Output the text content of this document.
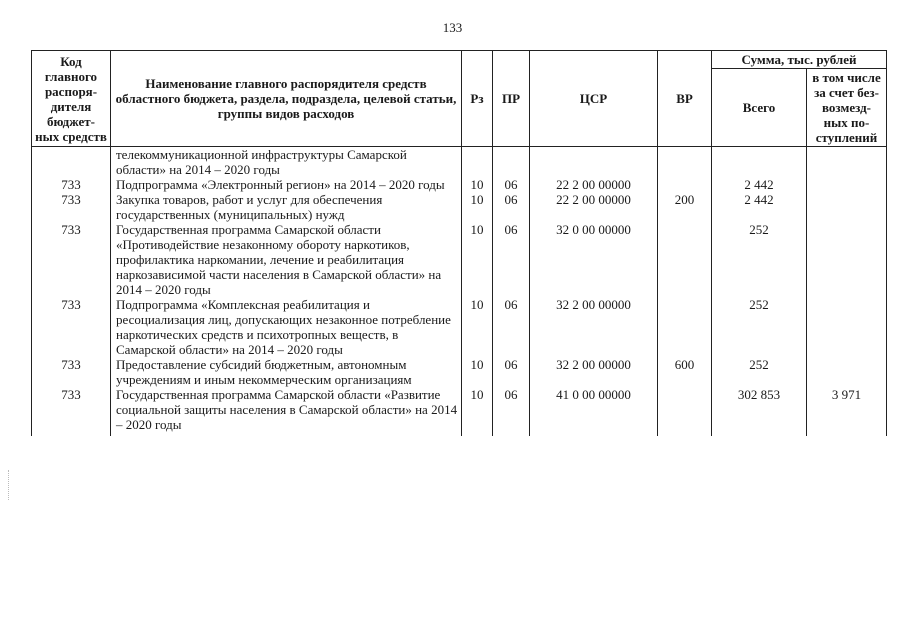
133
Код главного распоря-дителя бюджет-ных средств	Наименование главного распорядителя средств областного бюджета, раздела, подраздела, целевой статьи, группы видов расходов	Рз	ПР	ЦСР	ВР	Сумма, тыс. рублей	
						Всего	в том числе за счет без-возмезд-ных по-ступлений
	телекоммуникационной инфраструктуры Самарской области» на 2014 – 2020 годы						
733	Подпрограмма «Электронный регион» на 2014 – 2020 годы	10	06	22 2 00 00000		2 442	
733	Закупка товаров, работ и услуг для обеспечения государственных (муниципальных) нужд	10	06	22 2 00 00000	200	2 442	
733	Государственная программа Самарской области «Противодействие незаконному обороту наркотиков, профилактика наркомании, лечение и реабилитация наркозависимой части населения в Самарской области» на 2014 – 2020 годы	10	06	32 0 00 00000		252	
733	Подпрограмма «Комплексная реабилитация и ресоциализация лиц, допускающих незаконное потребление наркотических средств и психотропных веществ, в Самарской области» на 2014 – 2020 годы	10	06	32 2 00 00000		252	
733	Предоставление субсидий бюджетным, автономным учреждениям и иным некоммерческим организациям	10	06	32 2 00 00000	600	252	
733	Государственная программа Самарской области «Развитие социальной защиты населения в Самарской области» на 2014 – 2020 годы	10	06	41 0 00 00000		302 853	3 971
